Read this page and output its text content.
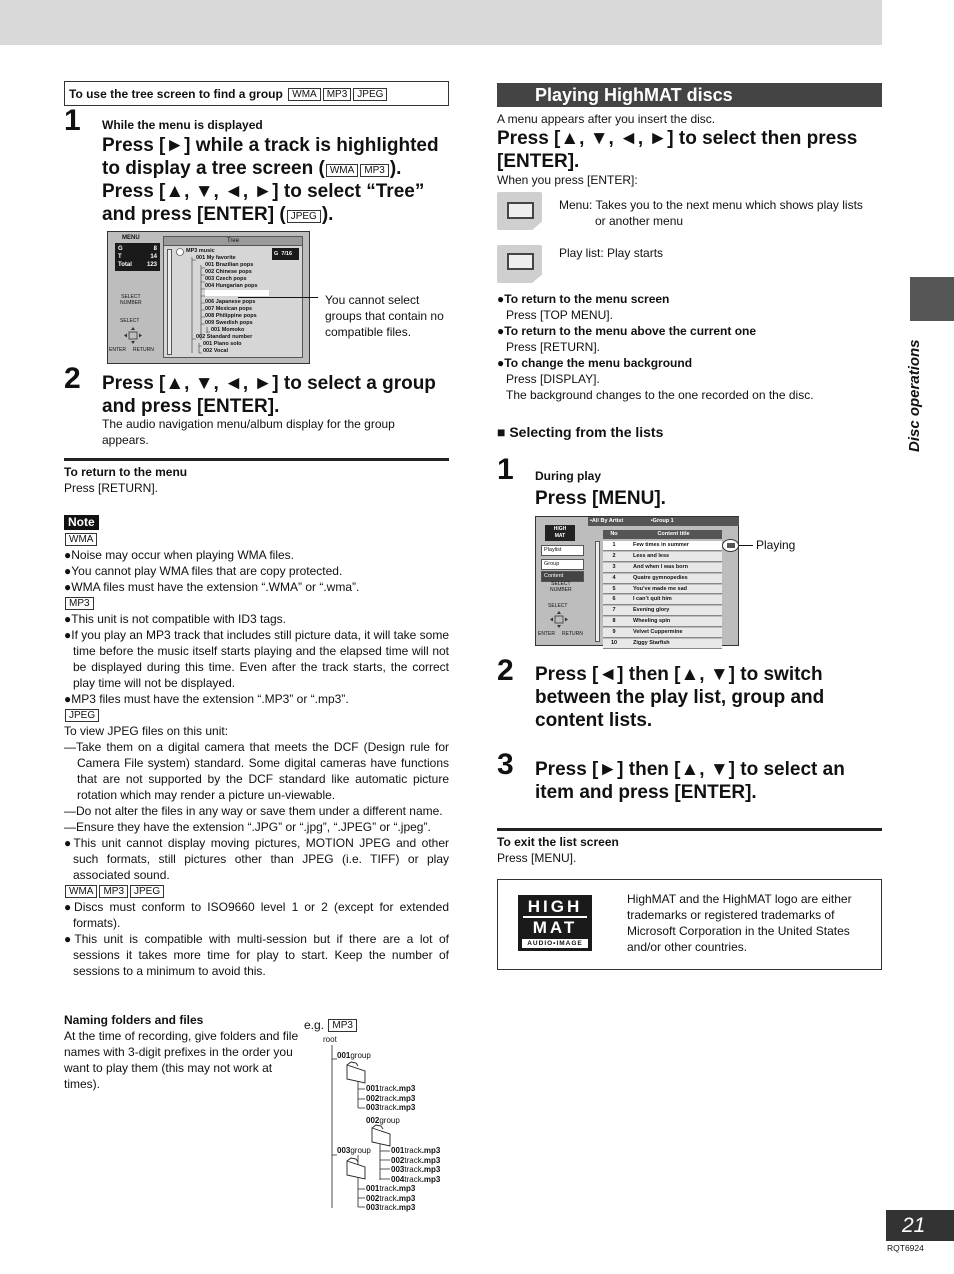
To use the tree screen to find a group WMA MP3 JPEG
1 While the menu is displayed
Press [►] while a track is highlighted
to display a tree screen ( WMA MP3 ).
Press [▲, ▼, ◄, ►] to select “Tree”
and press [ENTER] ( JPEG ).
MENU
G	8
T	14
Total	123
SELECT
NUMBER
SELECT
ENTER RETURN
Tree
G  7/16
MP3 music
001 My favorite
001 Brazilian pops
002 Chinese pops
003 Czech pops
004 Hungarian pops
005 Philippine pops
006 Japanese pops
007 Mexican pops
008 Philippine pops
009 Swedish pops
001 Momoko
002 Standard number
001 Piano solo
002 Vocal
You cannot select groups that contain no compatible files.
2 Press [▲, ▼, ◄, ►] to select a group
and press [ENTER].
The audio navigation menu/album display for the group appears.
To return to the menu
Press [RETURN].
Note
WMA
●Noise may occur when playing WMA files.
●You cannot play WMA files that are copy protected.
●WMA files must have the extension “.WMA” or “.wma”.
MP3
●This unit is not compatible with ID3 tags.
●If you play an MP3 track that includes still picture data, it will take some time before the music itself starts playing and the elapsed time will not be displayed during this time. Even after the track starts, the correct play time will not be displayed.
●MP3 files must have the extension “.MP3” or “.mp3”.
JPEG
To view JPEG files on this unit:
—Take them on a digital camera that meets the DCF (Design rule for Camera File system) standard. Some digital cameras have functions that are not supported by the DCF standard like automatic picture rotation which may render a picture un-viewable.
—Do not alter the files in any way or save them under a different name.
—Ensure they have the extension “.JPG” or “.jpg”, “.JPEG” or “.jpeg”.
●This unit cannot display moving pictures, MOTION JPEG and other such formats, still pictures other than JPEG (i.e. TIFF) or play associated sound.
WMA MP3 JPEG
●Discs must conform to ISO9660 level 1 or 2 (except for extended formats).
●This unit is compatible with multi-session but if there are a lot of sessions it takes more time for play to start. Keep the number of sessions to a minimum to avoid this.
Naming folders and files
At the time of recording, give folders and file names with 3-digit prefixes in the order you want to play them (this may not work at times).
e.g. MP3
root
001group
001track.mp3
002track.mp3
003track.mp3
002group
001track.mp3
002track.mp3
003track.mp3
004track.mp3
003group
001track.mp3
002track.mp3
003track.mp3
Playing HighMAT discs
A menu appears after you insert the disc.
Press [▲, ▼, ◄, ►] to select then press [ENTER].
When you press [ENTER]:
Menu: Takes you to the next menu which shows play lists
or another menu
Play list: Play starts
●To return to the menu screen
Press [TOP MENU].
●To return to the menu above the current one
Press [RETURN].
●To change the menu background
Press [DISPLAY].
The background changes to the one recorded on the disc.
■ Selecting from the lists
1 During play
Press [MENU].
HIGH
MAT
•All By Artist	•Group 1
Playlist
Group
Content
SELECT
NUMBER
SELECT
ENTER RETURN
No	Content title
1	Few times in summer
2	Less and less
3	And when I was born
4	Quatre gymnopedies
5	You’ve made me sad
6	I can’t quit him
7	Evening glory
8	Wheeling spin
9	Velvet Cuppermine
10	Ziggy Starfish
Playing
2 Press [◄] then [▲, ▼] to switch
between the play list, group and
content lists.
3 Press [►] then [▲, ▼] to select an
item and press [ENTER].
To exit the list screen
Press [MENU].
HIGH
MAT
AUDIO•IMAGE
HighMAT and the HighMAT logo are either trademarks or registered trademarks of Microsoft Corporation in the United States and/or other countries.
Disc operations
21
RQT6924
